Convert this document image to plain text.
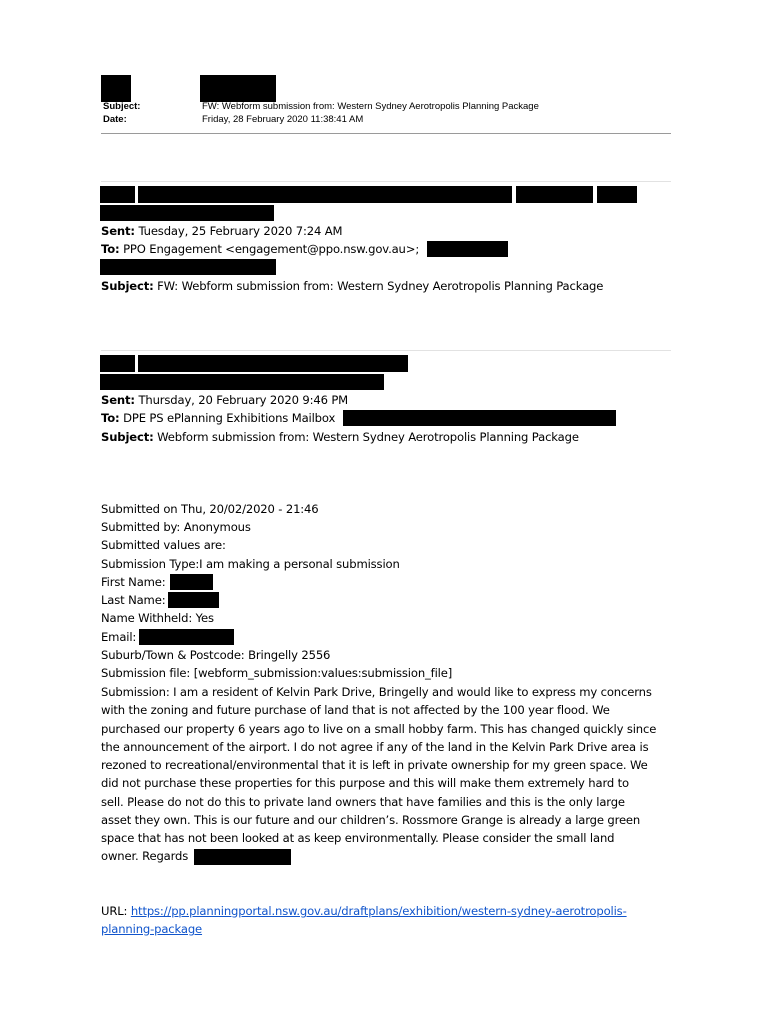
Subject:	FW: Webform submission from: Western Sydney Aerotropolis Planning Package
Date:	Friday, 28 February 2020 11:38:41 AM
Sent: Tuesday, 25 February 2020 7:24 AM
To: PPO Engagement <engagement@ppo.nsw.gov.au>;
Subject: FW: Webform submission from: Western Sydney Aerotropolis Planning Package
Sent: Thursday, 20 February 2020 9:46 PM
To: DPE PS ePlanning Exhibitions Mailbox
Subject: Webform submission from: Western Sydney Aerotropolis Planning Package
Submitted on Thu, 20/02/2020 - 21:46
Submitted by: Anonymous
Submitted values are:
Submission Type:I am making a personal submission
First Name:
Last Name:
Name Withheld: Yes
Email:
Suburb/Town & Postcode: Bringelly 2556
Submission file: [webform_submission:values:submission_file]
Submission: I am a resident of Kelvin Park Drive, Bringelly and would like to express my concerns
with the zoning and future purchase of land that is not affected by the 100 year flood. We
purchased our property 6 years ago to live on a small hobby farm. This has changed quickly since
the announcement of the airport. I do not agree if any of the land in the Kelvin Park Drive area is
rezoned to recreational/environmental that it is left in private ownership for my green space. We
did not purchase these properties for this purpose and this will make them extremely hard to
sell. Please do not do this to private land owners that have families and this is the only large
asset they own. This is our future and our children’s. Rossmore Grange is already a large green
space that has not been looked at as keep environmentally. Please consider the small land
owner. Regards
URL: https://pp.planningportal.nsw.gov.au/draftplans/exhibition/western-sydney-aerotropolis-
planning-package
